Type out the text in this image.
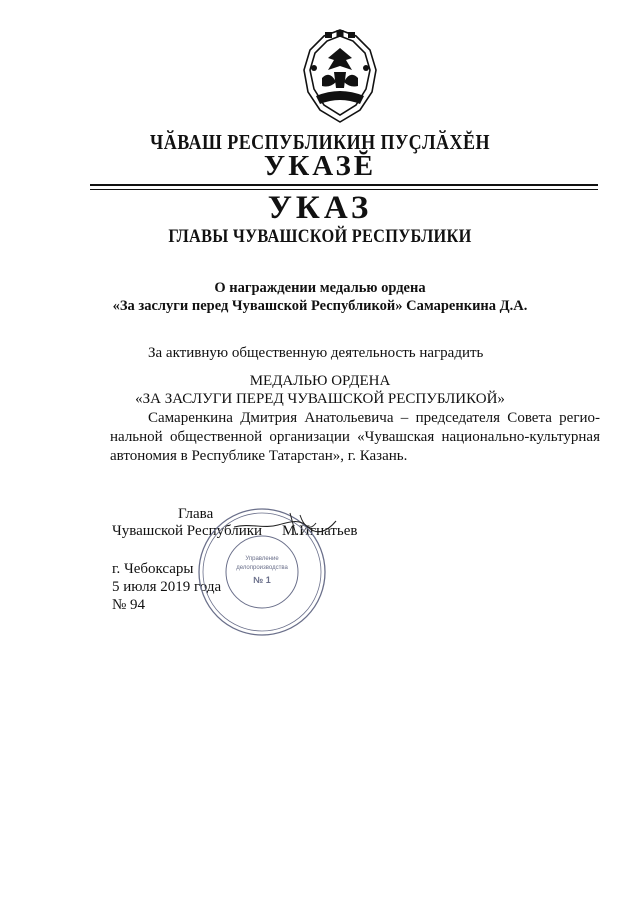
ЧӐВАШ РЕСПУБЛИКИН ПУҪЛӐХĔН
УКАЗĔ
УКАЗ
ГЛАВЫ ЧУВАШСКОЙ РЕСПУБЛИКИ
О награждении медалью ордена
«За заслуги перед Чувашской Республикой» Самаренкина Д.А.
За активную общественную деятельность наградить
МЕДАЛЬЮ ОРДЕНА
«ЗА ЗАСЛУГИ ПЕРЕД ЧУВАШСКОЙ РЕСПУБЛИКОЙ»
Самаренкина Дмитрия Анатольевича – председателя Совета регио-
нальной общественной организации «Чувашская национально-культурная
автономия в Республике Татарстан», г. Казань.
Глава
Чувашской Республики М.Игнатьев
г. Чебоксары
5 июля 2019 года
№ 94
Управление
делопроизводства
№ 1
